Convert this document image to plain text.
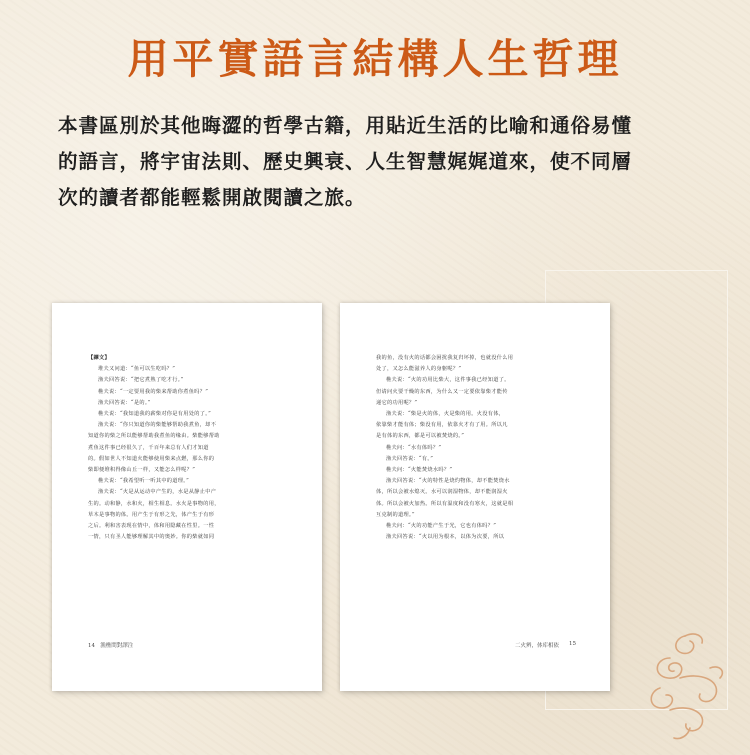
用平實語言結構人生哲理
本書區別於其他晦澀的哲學古籍，用貼近生活的比喻和通俗易懂
的語言，將宇宙法則、歷史興衰、人生智慧娓娓道來，使不同層
次的讀者都能輕鬆開啟閱讀之旅。
【譯文】
堆夫又问道：“鱼可以生吃吗？”
渔夫回答说：“把它煮熟了吃才行。”
樵夫说：“一定要用我的柴来帮助你煮鱼吗？”
渔夫回答说：“是的。”
樵夫说：“我知道我的薪柴对你是有用处的了。”
渔夫说：“你只知道你的柴能够帮助我煮鱼，却不
知道你的柴之所以能够帮助我煮鱼的缘由。柴能够帮助
煮鱼这件事已经很久了，千百年来总有人们才知道
的。假如世人不知道火能够使用柴来点燃，那么你的
柴即便堆积得像山丘一样，又能怎么样呢？”
樵夫说：“我希望听一听其中的道理。”
渔夫说：“火是从运动中产生的，水是从静止中产
生的。动和静，水和火，相生相息。水火是事物的用，
草木是事物的体。用产生于有形之先，体产生于有形
之后。利和害表现在情中，体和用隐藏在性里。一性
一情，只有圣人能够理解其中的奥妙。你的柴就如同
14 漁樵問對譯注
我的鱼，没有火的话都会困扰我复归坏掉，也就没什么用
处了，又怎么能滋养人的身躯呢？”
樵夫说：“火的功用比柴大，这件事我已经知道了。
但请问火要干燥的东西，为什么又一定要依靠柴才能传
递它的功用呢？”
渔夫说：“柴是火的体，火是柴的用。火没有体，
依靠柴才能有体；柴没有用，依靠火才有了用。所以凡
是有体的东西，都是可以被焚烧的。”
樵夫问：“水有体吗？”
渔夫回答说：“有。”
樵夫问：“火能焚烧水吗？”
渔夫回答说：“火的特性是烧灼物体，却不能焚烧水
体，所以会被水熄灭。水可以润湿物体，却不能润湿火
体。所以会被火加热。所以有温度和没有寒火，这就是相
互克制的道理。”
樵夫问：“火的功能产生于光，它也有体吗？”
渔夫回答说：“火以用为根本，以体为次要，所以
二火辨，体库相依 15
